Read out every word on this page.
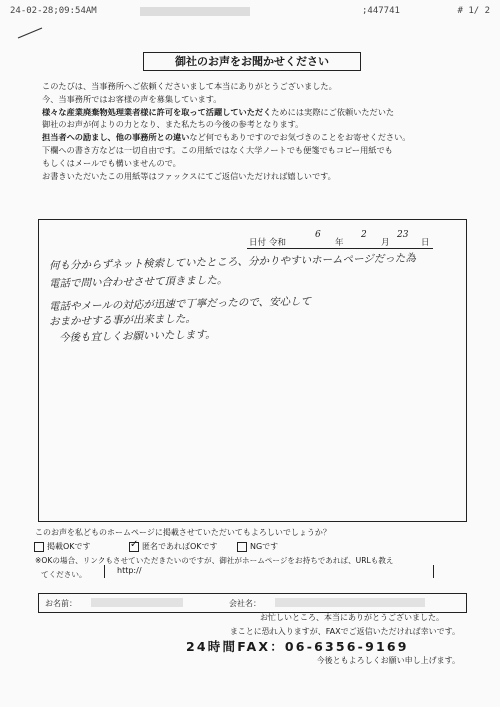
24-02-28;09:54AM	;447741	# 1/ 2
御社のお声をお聞かせください

このたびは、当事務所へご依頼くださいまして本当にありがとうございました。

今、当事務所ではお客様の声を募集しています。

様々な産業廃棄物処理業者様に許可を取って活躍していただくためには実際にご依頼いただいた

御社のお声が何よりの力となり、また私たちの今後の参考となります。

担当者への励まし、他の事務所との違いなど何でもありですのでお気づきのことをお寄せください。

下欄への書き方などは一切自由です。この用紙ではなく大学ノートでも便箋でもコピー用紙でも

もしくはメールでも構いませんので。

お書きいただいたこの用紙等はファックスにてご返信いただければ嬉しいです。

日付 令和
6
年
2
月
23
日
何も分からずネット検索していたところ、分かりやすいホームページだった為
電話で問い合わせさせて頂きました。
電話やメールの対応が迅速で丁寧だったので、安心して
おまかせする事が出来ました。
今後も宜しくお願いいたします。
このお声を私どものホームページに掲載させていただいてもよろしいでしょうか？
掲載OKです
✓	匿名であればOKです	NGです
※OKの場合、リンクもさせていただきたいのですが、御社がホームページをお持ちであれば、URLも教え
てください。	http://
お名前：	会社名：
お忙しいところ、本当にありがとうございました。
まことに恐れ入りますが、FAXでご返信いただければ幸いです。
24時間FAX：06-6356-9169
今後ともよろしくお願い申し上げます。
